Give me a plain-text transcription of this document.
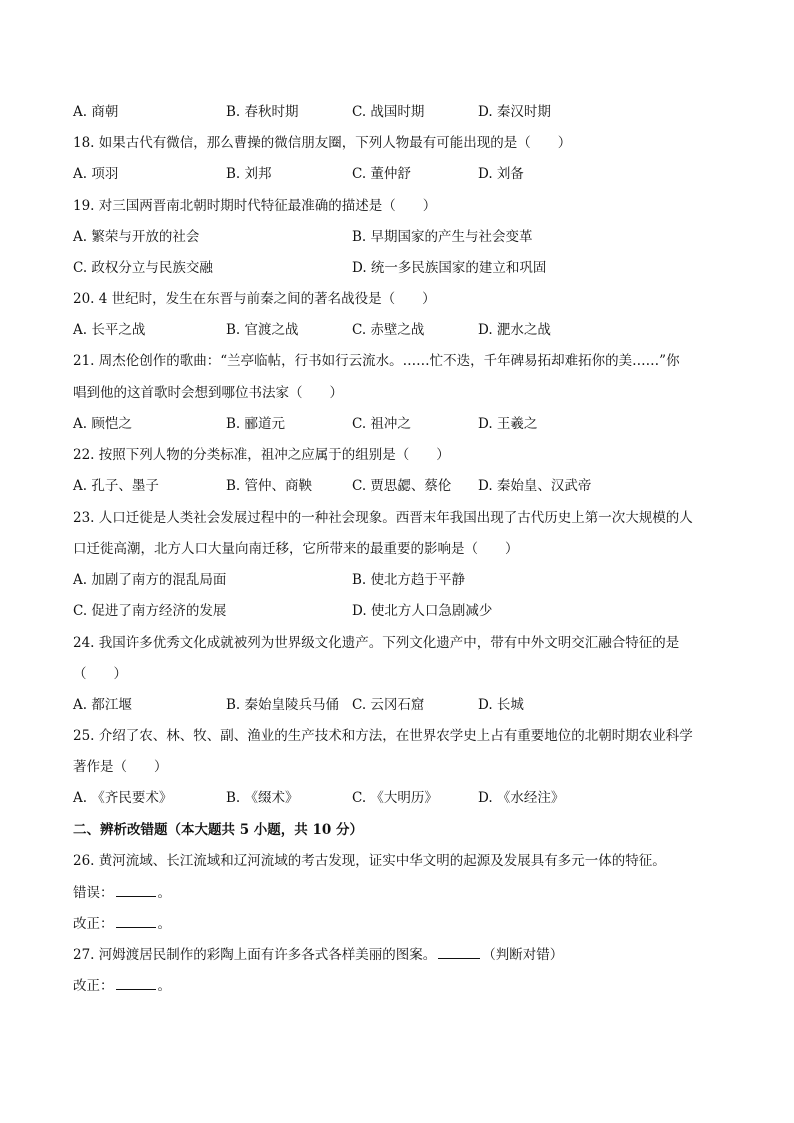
A. 商朝	B. 春秋时期	C. 战国时期	D. 秦汉时期
18. 如果古代有微信，那么曹操的微信朋友圈，下列人物最有可能出现的是（　　）
A. 项羽	B. 刘邦	C. 董仲舒	D. 刘备
19. 对三国两晋南北朝时期时代特征最准确的描述是（　　）
A. 繁荣与开放的社会	B. 早期国家的产生与社会变革
C. 政权分立与民族交融	D. 统一多民族国家的建立和巩固
20. 4 世纪时，发生在东晋与前秦之间的著名战役是（　　）
A. 长平之战	B. 官渡之战	C. 赤壁之战	D. 淝水之战
21. 周杰伦创作的歌曲：“兰亭临帖，行书如行云流水。……忙不迭，千年碑易拓却难拓你的美……”你
唱到他的这首歌时会想到哪位书法家（　　）
A. 顾恺之	B. 郦道元	C. 祖冲之	D. 王羲之
22. 按照下列人物的分类标准，祖冲之应属于的组别是（　　）
A. 孔子、墨子	B. 管仲、商鞅	C. 贾思勰、蔡伦 D. 秦始皇、汉武帝
23. 人口迁徙是人类社会发展过程中的一种社会现象。西晋末年我国出现了古代历史上第一次大规模的人
口迁徙高潮，北方人口大量向南迁移，它所带来的最重要的影响是（　　）
A. 加剧了南方的混乱局面	B. 使北方趋于平静
C. 促进了南方经济的发展	D. 使北方人口急剧减少
24. 我国许多优秀文化成就被列为世界级文化遗产。下列文化遗产中，带有中外文明交汇融合特征的是
（　　）
A. 都江堰	B. 秦始皇陵兵马俑 C. 云冈石窟	D. 长城
25. 介绍了农、林、牧、副、渔业的生产技术和方法，在世界农学史上占有重要地位的北朝时期农业科学
著作是（　　）
A. 《齐民要术》	B. 《缀术》	C. 《大明历》	D. 《水经注》
二、辨析改错题（本大题共 5 小题，共 10 分）
26. 黄河流域、长江流域和辽河流域的考古发现，证实中华文明的起源及发展具有多元一体的特征。
错误：	。
改正：	。
27. 河姆渡居民制作的彩陶上面有许多各式各样美丽的图案。	（判断对错）
改正：	。
